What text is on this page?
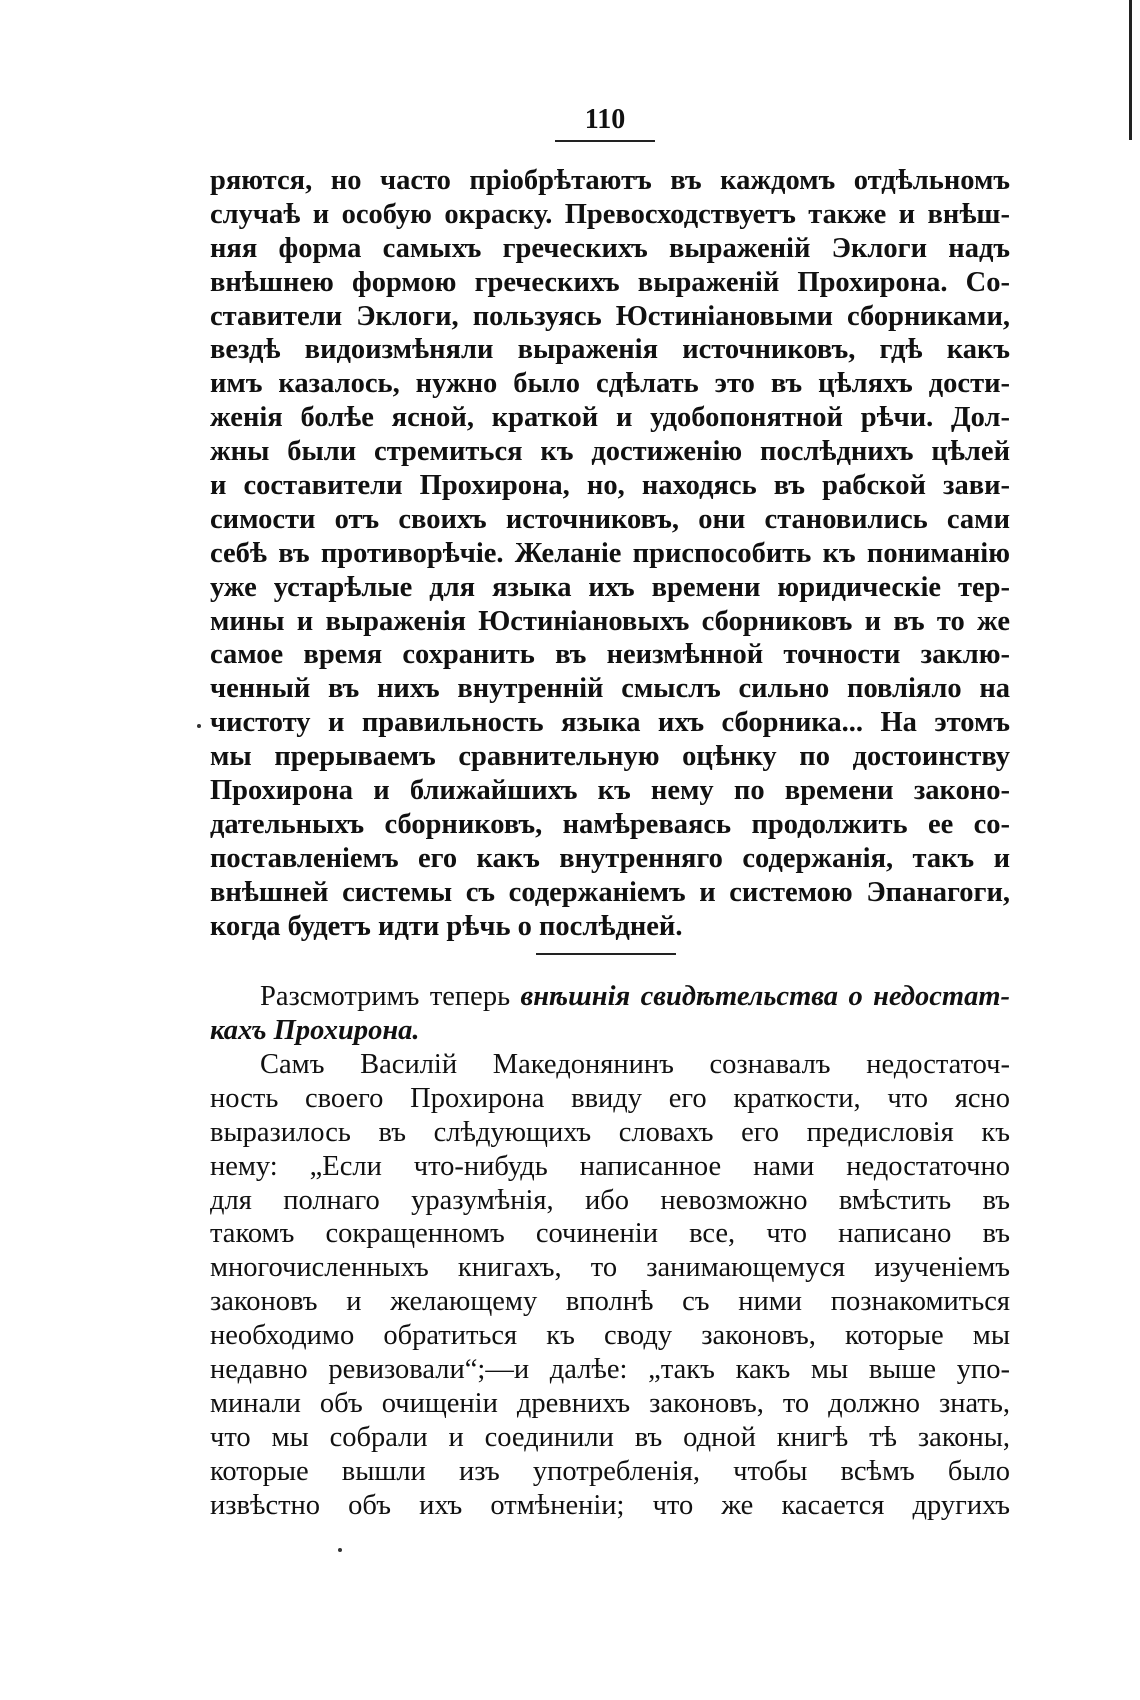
110
ряются, но часто пріобрѣтаютъ въ каждомъ отдѣльномъ
случаѣ и особую окраску. Превосходствуетъ также и внѣш-
няя форма самыхъ греческихъ выраженій Эклоги надъ
внѣшнею формою греческихъ выраженій Прохирона. Со-
ставители Эклоги, пользуясь Юстиніановыми сборниками,
вездѣ видоизмѣняли выраженія источниковъ, гдѣ какъ
имъ казалось, нужно было сдѣлать это въ цѣляхъ дости-
женія болѣе ясной, краткой и удобопонятной рѣчи. Дол-
жны были стремиться къ достиженію послѣднихъ цѣлей
и составители Прохирона, но, находясь въ рабской зави-
симости отъ своихъ источниковъ, они становились сами
себѣ въ противорѣчіе. Желаніе приспособить къ пониманію
уже устарѣлые для языка ихъ времени юридическіе тер-
мины и выраженія Юстиніановыхъ сборниковъ и въ то же
самое время сохранить въ неизмѣнной точности заклю-
ченный въ нихъ внутренній смыслъ сильно повліяло на
чистоту и правильность языка ихъ сборника... На этомъ
мы прерываемъ сравнительную оцѣнку по достоинству
Прохирона и ближайшихъ къ нему по времени законо-
дательныхъ сборниковъ, намѣреваясь продолжить ее со-
поставленіемъ его какъ внутренняго содержанія, такъ и
внѣшней системы съ содержаніемъ и системою Эпанагоги,
когда будетъ идти рѣчь о послѣдней.
Разсмотримъ теперь внѣшнія свидѣтельства о недостат-
кахъ Прохирона.
Самъ Василій Македонянинъ сознавалъ недостаточ-
ность своего Прохирона ввиду его краткости, что ясно
выразилось въ слѣдующихъ словахъ его предисловія къ
нему: „Если что-нибудь написанное нами недостаточно
для полнаго уразумѣнія, ибо невозможно вмѣстить въ
такомъ сокращенномъ сочиненіи все, что написано въ
многочисленныхъ книгахъ, то занимающемуся изученіемъ
законовъ и желающему вполнѣ съ ними познакомиться
необходимо обратиться къ своду законовъ, которые мы
недавно ревизовали“;—и далѣе: „такъ какъ мы выше упо-
минали объ очищеніи древнихъ законовъ, то должно знать,
что мы собрали и соединили въ одной книгѣ тѣ законы,
которые вышли изъ употребленія, чтобы всѣмъ было
извѣстно объ ихъ отмѣненіи; что же касается другихъ
